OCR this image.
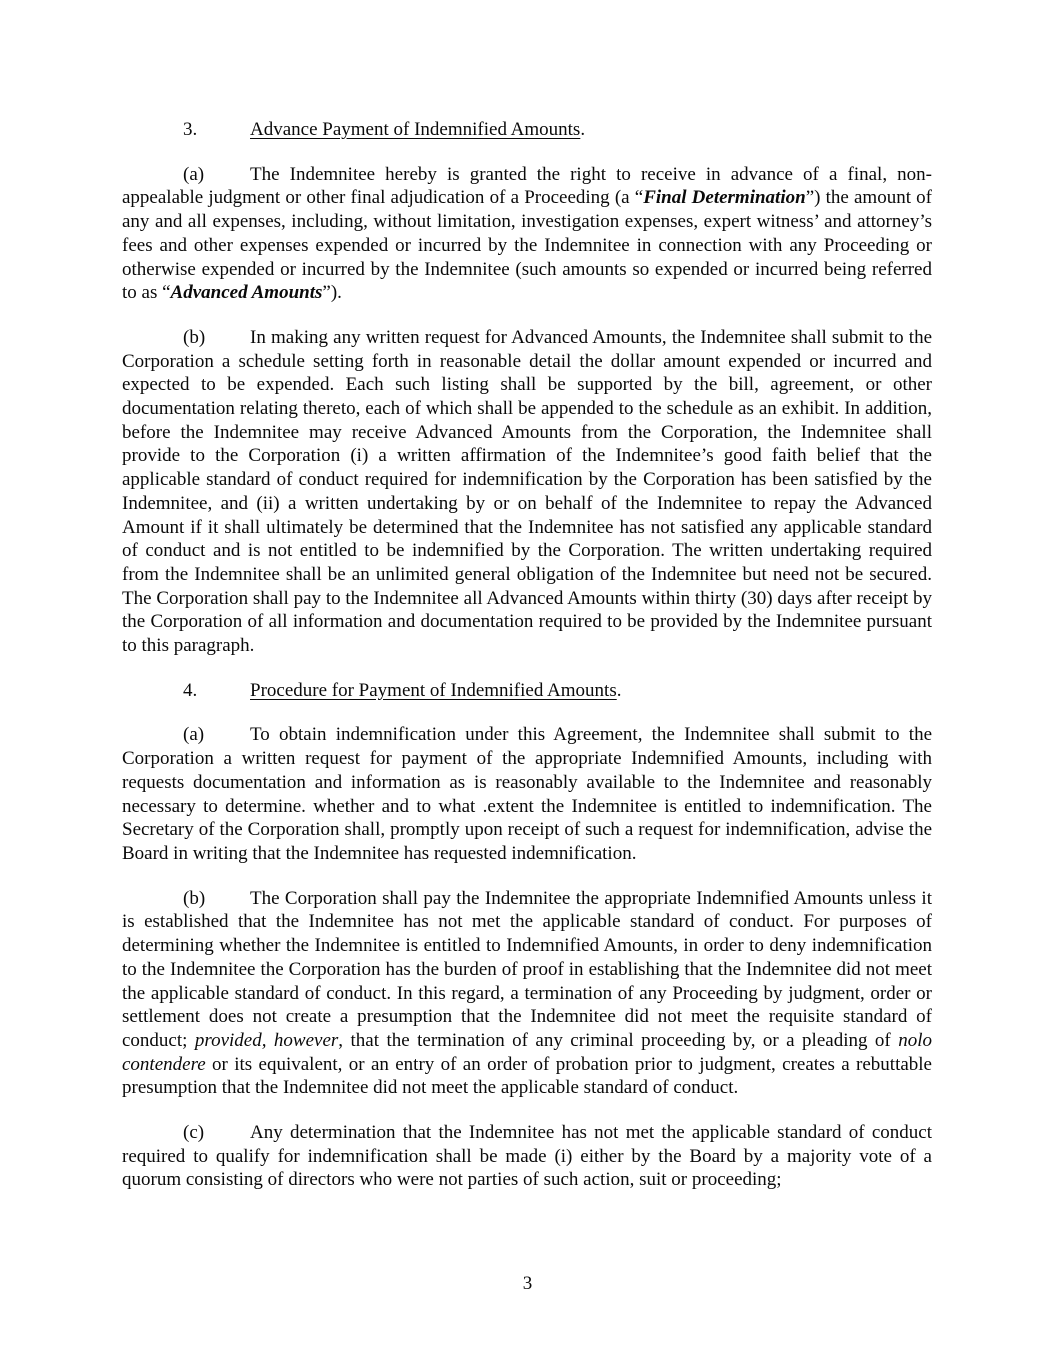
3.	Advance Payment of Indemnified Amounts.

(a) The Indemnitee hereby is granted the right to receive in advance of a final, non-appealable judgment or other final adjudication of a Proceeding (a “Final Determination”) the amount of any and all expenses, including, without limitation, investigation expenses, expert witness’ and attorney’s fees and other expenses expended or incurred by the Indemnitee in connection with any Proceeding or otherwise expended or incurred by the Indemnitee (such amounts so expended or incurred being referred to as “Advanced Amounts”).

(b) In making any written request for Advanced Amounts, the Indemnitee shall submit to the Corporation a schedule setting forth in reasonable detail the dollar amount expended or incurred and expected to be expended. Each such listing shall be supported by the bill, agreement, or other documentation relating thereto, each of which shall be appended to the schedule as an exhibit. In addition, before the Indemnitee may receive Advanced Amounts from the Corporation, the Indemnitee shall provide to the Corporation (i) a written affirmation of the Indemnitee’s good faith belief that the applicable standard of conduct required for indemnification by the Corporation has been satisfied by the Indemnitee, and (ii) a written undertaking by or on behalf of the Indemnitee to repay the Advanced Amount if it shall ultimately be determined that the Indemnitee has not satisfied any applicable standard of conduct and is not entitled to be indemnified by the Corporation. The written undertaking required from the Indemnitee shall be an unlimited general obligation of the Indemnitee but need not be secured. The Corporation shall pay to the Indemnitee all Advanced Amounts within thirty (30) days after receipt by the Corporation of all information and documentation required to be provided by the Indemnitee pursuant to this paragraph.

4.	Procedure for Payment of Indemnified Amounts.

(a) To obtain indemnification under this Agreement, the Indemnitee shall submit to the Corporation a written request for payment of the appropriate Indemnified Amounts, including with requests documentation and information as is reasonably available to the Indemnitee and reasonably necessary to determine. whether and to what .extent the Indemnitee is entitled to indemnification. The Secretary of the Corporation shall, promptly upon receipt of such a request for indemnification, advise the Board in writing that the Indemnitee has requested indemnification.

(b) The Corporation shall pay the Indemnitee the appropriate Indemnified Amounts unless it is established that the Indemnitee has not met the applicable standard of conduct. For purposes of determining whether the Indemnitee is entitled to Indemnified Amounts, in order to deny indemnification to the Indemnitee the Corporation has the burden of proof in establishing that the Indemnitee did not meet the applicable standard of conduct. In this regard, a termination of any Proceeding by judgment, order or settlement does not create a presumption that the Indemnitee did not meet the requisite standard of conduct; provided, however, that the termination of any criminal proceeding by, or a pleading of nolo contendere or its equivalent, or an entry of an order of probation prior to judgment, creates a rebuttable presumption that the Indemnitee did not meet the applicable standard of conduct.

(c) Any determination that the Indemnitee has not met the applicable standard of conduct required to qualify for indemnification shall be made (i) either by the Board by a majority vote of a quorum consisting of directors who were not parties of such action, suit or proceeding;

3
